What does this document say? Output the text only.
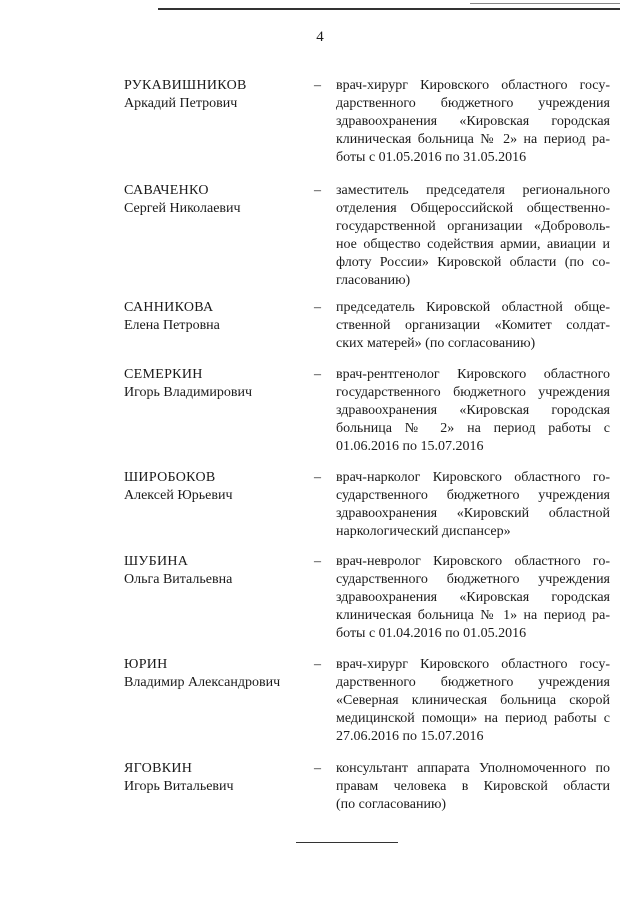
4
РУКАВИШНИКОВ
Аркадий Петрович
– врач-хирург Кировского областного госу-
дарственного бюджетного учреждения
здравоохранения «Кировская городская
клиническая больница № 2» на период ра-
боты с 01.05.2016 по 31.05.2016
САВАЧЕНКО
Сергей Николаевич
– заместитель председателя регионального
отделения Общероссийской общественно-
государственной организации «Доброволь-
ное общество содействия армии, авиации и
флоту России» Кировской области (по со-
гласованию)
САННИКОВА
Елена Петровна
– председатель Кировской областной обще-
ственной организации «Комитет солдат-
ских матерей» (по согласованию)
СЕМЕРКИН
Игорь Владимирович
– врач-рентгенолог Кировского областного
государственного бюджетного учреждения
здравоохранения «Кировская городская
больница № 2» на период работы с
01.06.2016 по 15.07.2016
ШИРОБОКОВ
Алексей Юрьевич
– врач-нарколог Кировского областного го-
сударственного бюджетного учреждения
здравоохранения «Кировский областной
наркологический диспансер»
ШУБИНА
Ольга Витальевна
– врач-невролог Кировского областного го-
сударственного бюджетного учреждения
здравоохранения «Кировская городская
клиническая больница № 1» на период ра-
боты с 01.04.2016 по 01.05.2016
ЮРИН
Владимир Александрович
– врач-хирург Кировского областного госу-
дарственного бюджетного учреждения
«Северная клиническая больница скорой
медицинской помощи» на период работы с
27.06.2016 по 15.07.2016
ЯГОВКИН
Игорь Витальевич
– консультант аппарата Уполномоченного по
правам человека в Кировской области
(по согласованию)
